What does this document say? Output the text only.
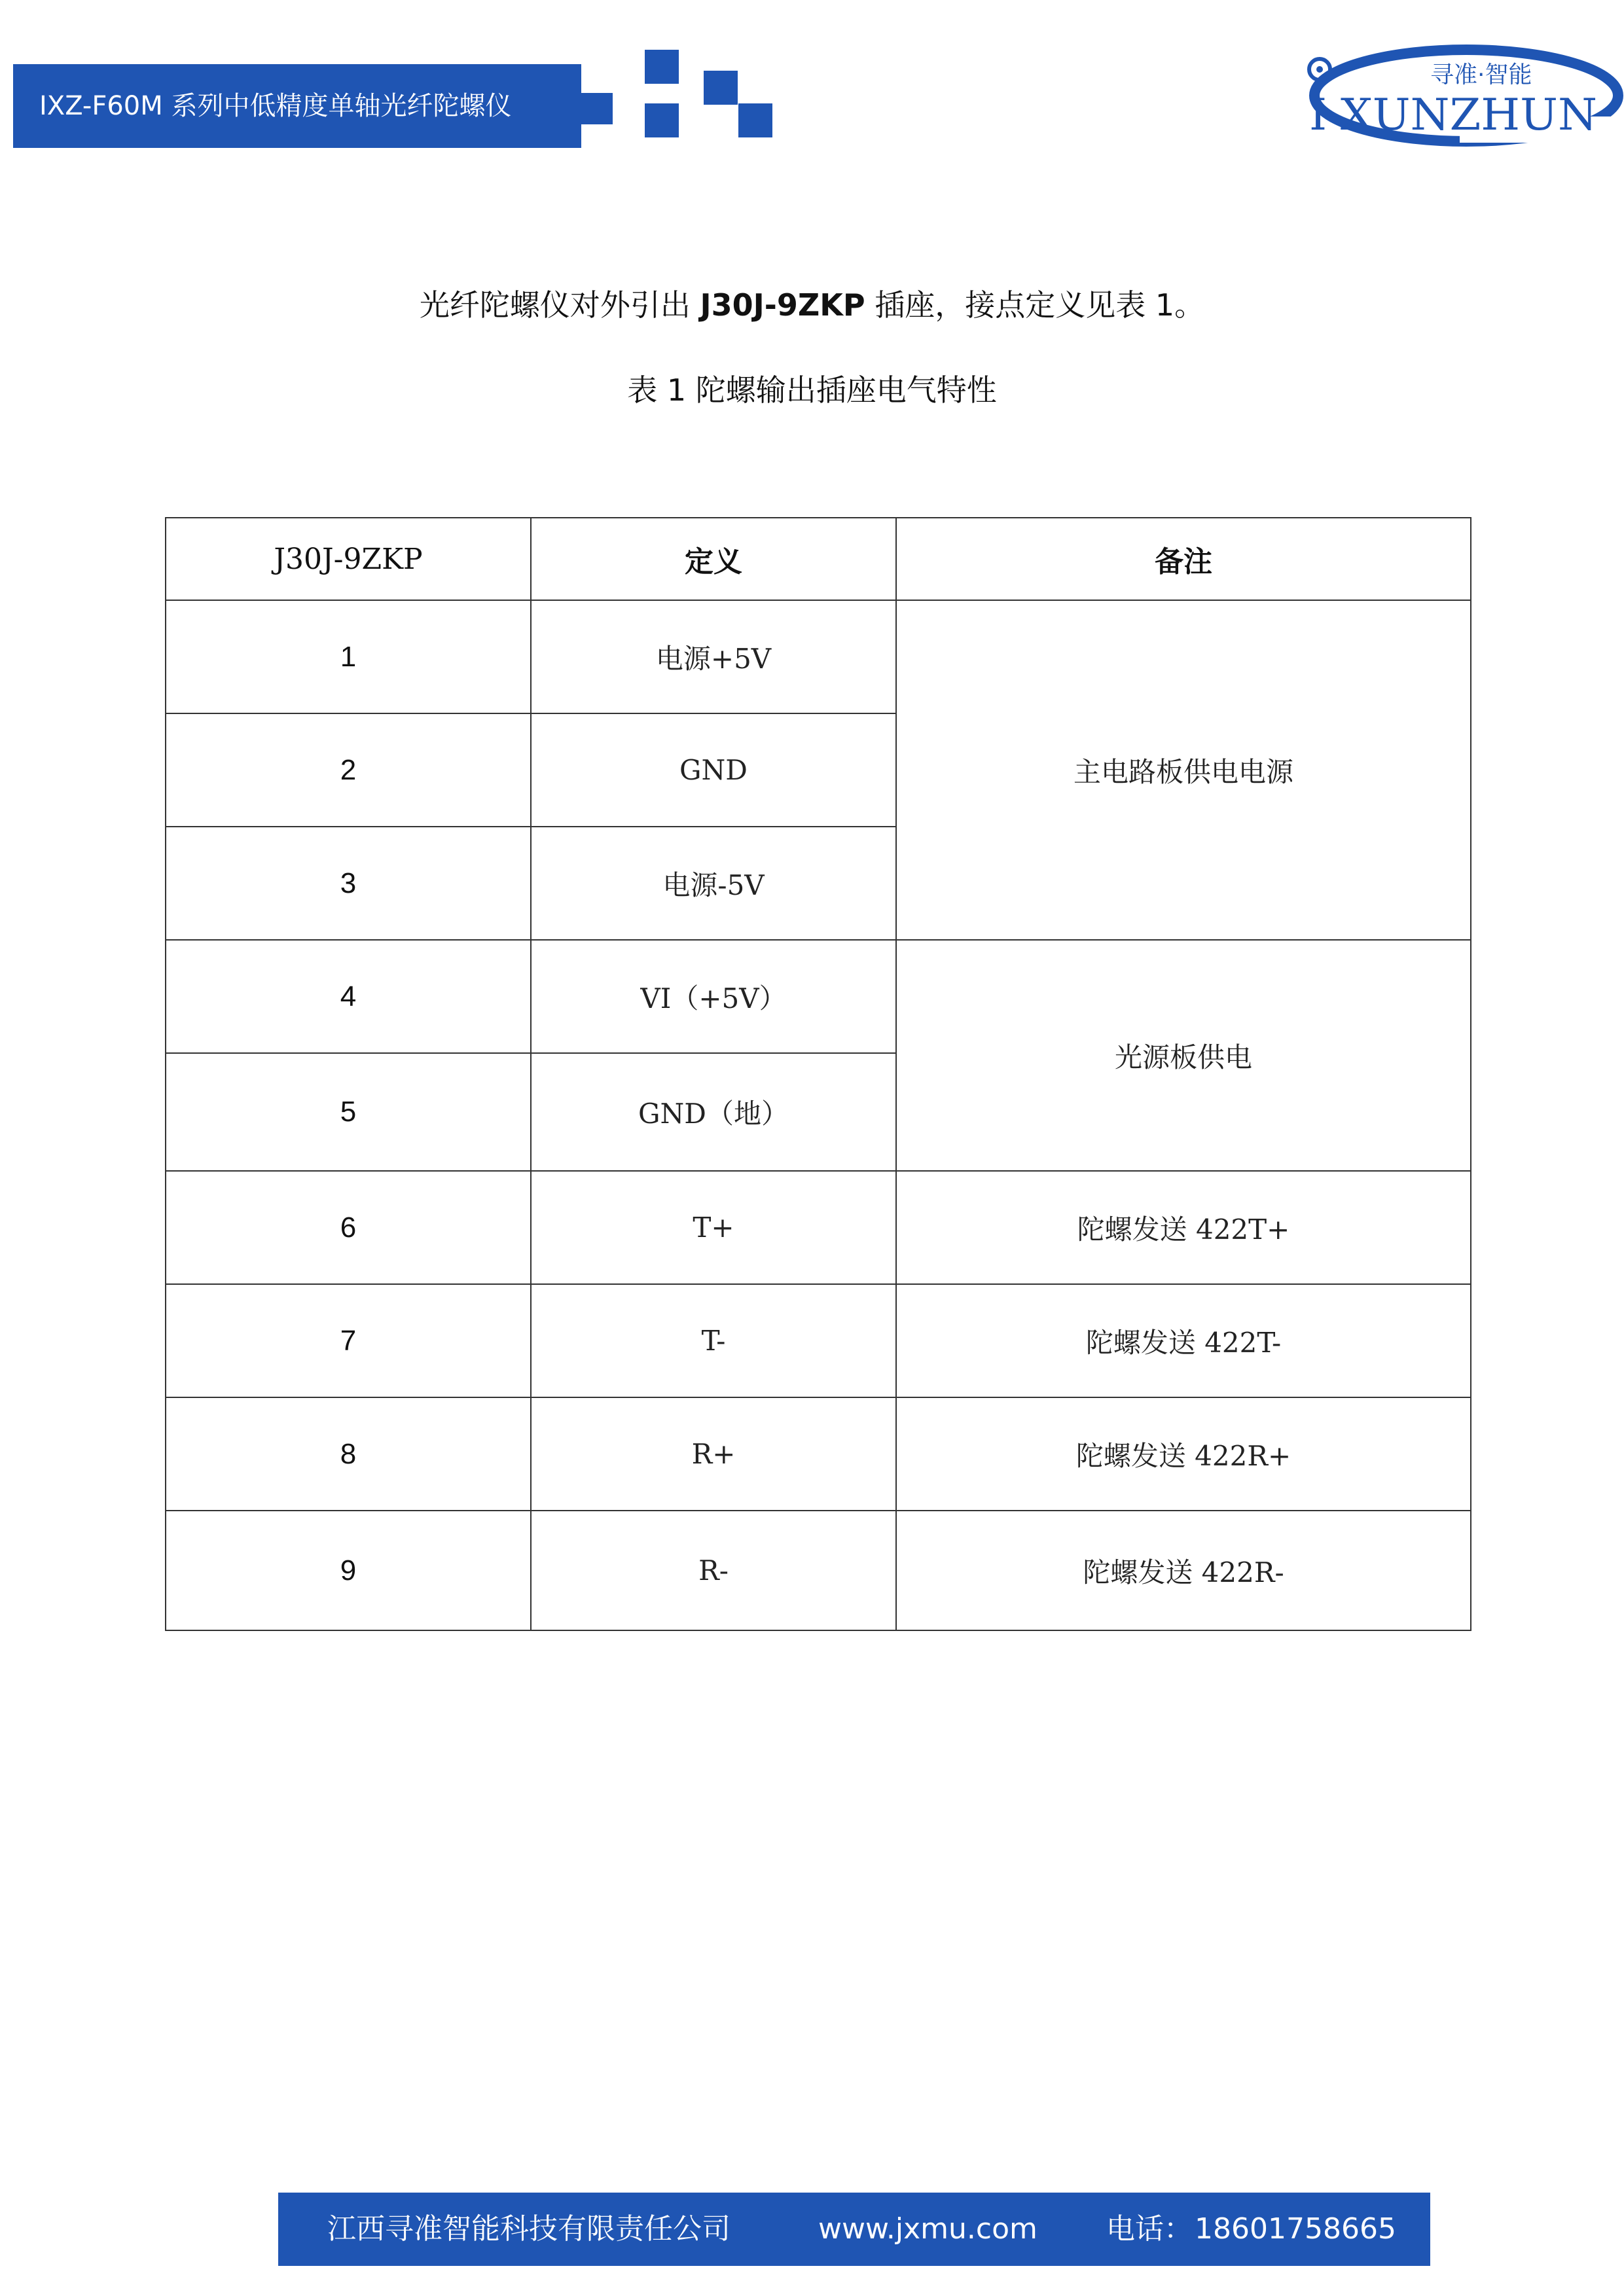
IXZ-F60M 系列中低精度单轴光纤陀螺仪
寻准·智能
I-XUNZHUN
光纤陀螺仪对外引出 J30J-9ZKP 插座，接点定义见表 1。
表 1 陀螺输出插座电气特性
J30J-9ZKP	定义	备注
1	电源+5V	主电路板供电电源
2	GND	
3	电源-5V	
4	VI（+5V）	光源板供电
5	GND（地）	
6	T+	陀螺发送 422T+
7	T-	陀螺发送 422T-
8	R+	陀螺发送 422R+
9	R-	陀螺发送 422R-
江西寻准智能科技有限责任公司	www.jxmu.com 电话： 18601758665
